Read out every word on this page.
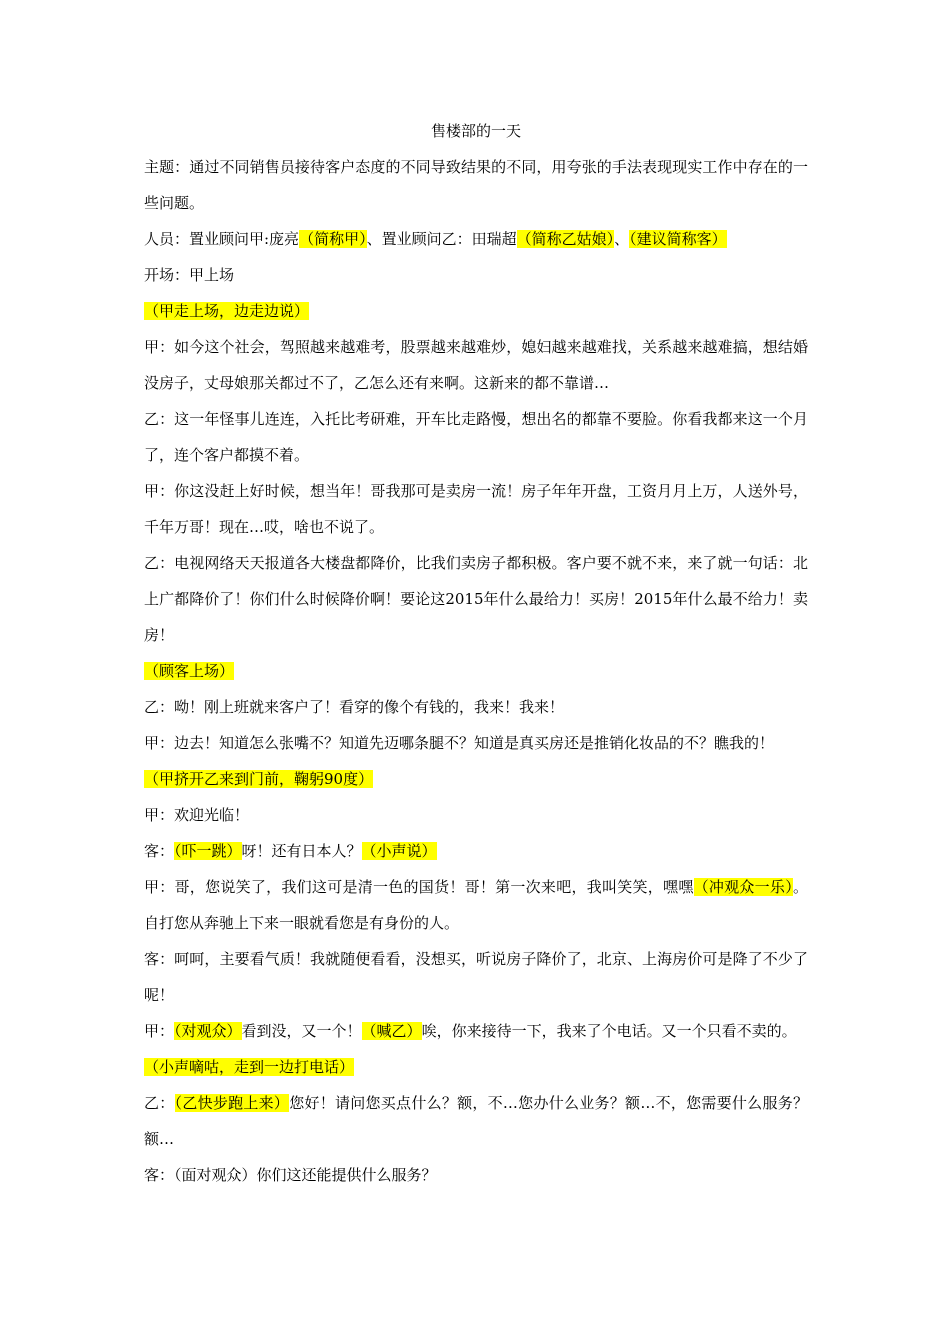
售楼部的一天

主题：通过不同销售员接待客户态度的不同导致结果的不同，用夸张的手法表现现实工作中存在的一些问题。

人员：置业顾问甲:庞亮（简称甲）、置业顾问乙：田瑞超（简称乙姑娘）、（建议简称客）

开场：甲上场

（甲走上场，边走边说）

甲：如今这个社会，驾照越来越难考，股票越来越难炒，媳妇越来越难找，关系越来越难搞，想结婚没房子，丈母娘那关都过不了，乙怎么还有来啊。这新来的都不靠谱…

乙：这一年怪事儿连连，入托比考研难，开车比走路慢，想出名的都靠不要脸。你看我都来这一个月了，连个客户都摸不着。

甲：你这没赶上好时候，想当年！哥我那可是卖房一流！房子年年开盘，工资月月上万，人送外号，千年万哥！现在…哎，啥也不说了。

乙：电视网络天天报道各大楼盘都降价，比我们卖房子都积极。客户要不就不来，来了就一句话：北上广都降价了！你们什么时候降价啊！要论这2015年什么最给力！买房！2015年什么最不给力！卖房！

（顾客上场）

乙：呦！刚上班就来客户了！看穿的像个有钱的，我来！我来！

甲：边去！知道怎么张嘴不？知道先迈哪条腿不？知道是真买房还是推销化妆品的不？瞧我的！

（甲挤开乙来到门前，鞠躬90度）

甲：欢迎光临！

客：（吓一跳）呀！还有日本人？（小声说）

甲：哥，您说笑了，我们这可是清一色的国货！哥！第一次来吧，我叫笑笑，嘿嘿（冲观众一乐）。自打您从奔驰上下来一眼就看您是有身份的人。

客：呵呵，主要看气质！我就随便看看，没想买，听说房子降价了，北京、上海房价可是降了不少了呢！

甲：（对观众）看到没，又一个！（喊乙）唉，你来接待一下，我来了个电话。又一个只看不卖的。

（小声嘀咕，走到一边打电话）

乙：（乙快步跑上来）您好！请问您买点什么？额，不…您办什么业务？额…不，您需要什么服务？额…

客：（面对观众）你们这还能提供什么服务？
